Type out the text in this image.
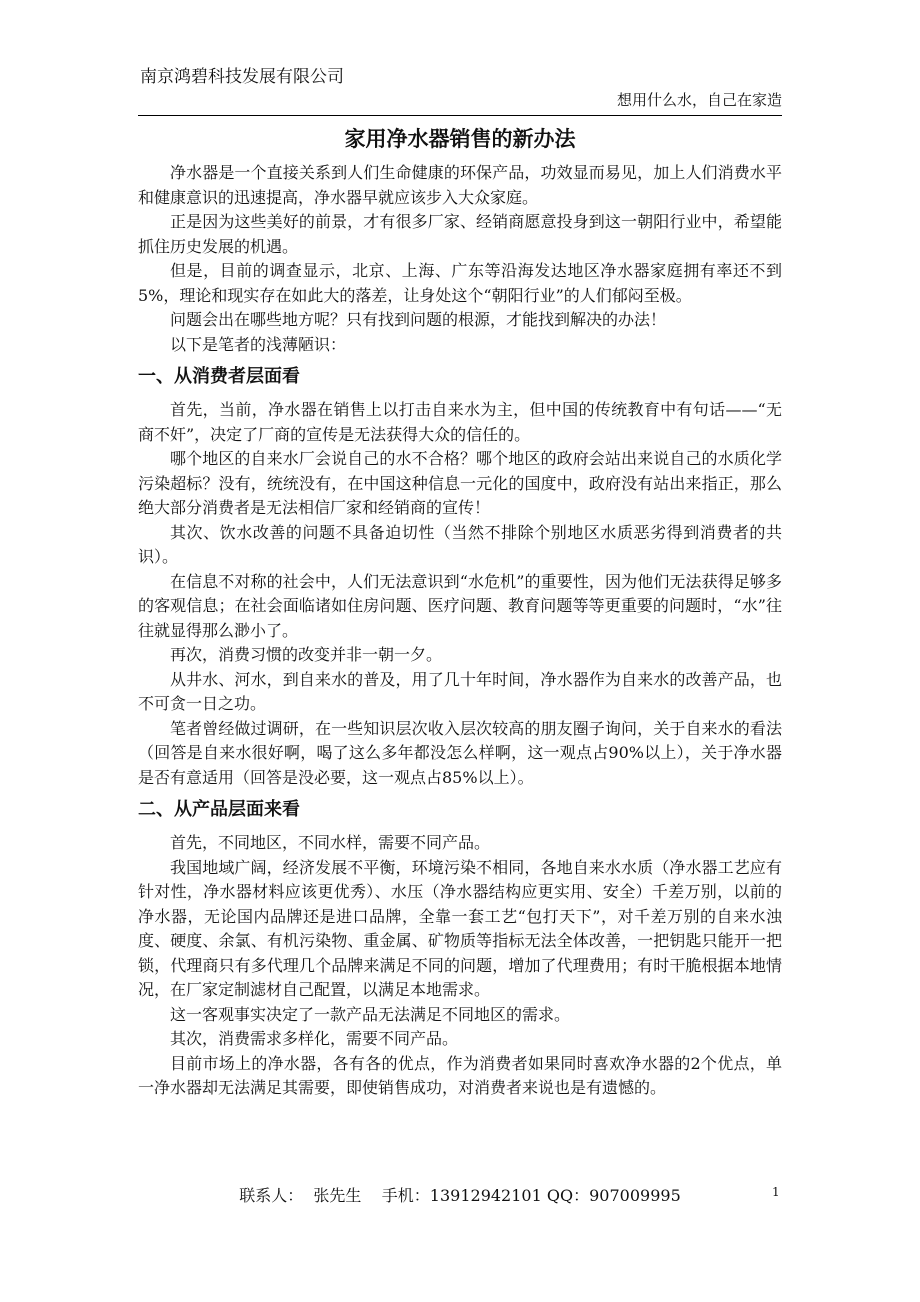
南京鸿碧科技发展有限公司
想用什么水，自己在家造
家用净水器销售的新办法

净水器是一个直接关系到人们生命健康的环保产品，功效显而易见，加上人们消费水平和健康意识的迅速提高，净水器早就应该步入大众家庭。

正是因为这些美好的前景，才有很多厂家、经销商愿意投身到这一朝阳行业中，希望能抓住历史发展的机遇。

但是，目前的调查显示，北京、上海、广东等沿海发达地区净水器家庭拥有率还不到5%，理论和现实存在如此大的落差，让身处这个“朝阳行业”的人们郁闷至极。

问题会出在哪些地方呢？只有找到问题的根源，才能找到解决的办法！

以下是笔者的浅薄陋识：

一、从消费者层面看

首先，当前，净水器在销售上以打击自来水为主，但中国的传统教育中有句话——“无商不奸”，决定了厂商的宣传是无法获得大众的信任的。

哪个地区的自来水厂会说自己的水不合格？哪个地区的政府会站出来说自己的水质化学污染超标？没有，统统没有，在中国这种信息一元化的国度中，政府没有站出来指正，那么绝大部分消费者是无法相信厂家和经销商的宣传！

其次、饮水改善的问题不具备迫切性（当然不排除个别地区水质恶劣得到消费者的共识）。

在信息不对称的社会中，人们无法意识到“水危机”的重要性，因为他们无法获得足够多的客观信息；在社会面临诸如住房问题、医疗问题、教育问题等等更重要的问题时，“水”往往就显得那么渺小了。

再次，消费习惯的改变并非一朝一夕。

从井水、河水，到自来水的普及，用了几十年时间，净水器作为自来水的改善产品，也不可贪一日之功。

笔者曾经做过调研，在一些知识层次收入层次较高的朋友圈子询问，关于自来水的看法（回答是自来水很好啊，喝了这么多年都没怎么样啊，这一观点占90%以上），关于净水器是否有意适用（回答是没必要，这一观点占85%以上）。

二、从产品层面来看

首先，不同地区，不同水样，需要不同产品。

我国地域广阔，经济发展不平衡，环境污染不相同，各地自来水水质（净水器工艺应有针对性，净水器材料应该更优秀）、水压（净水器结构应更实用、安全）千差万别，以前的净水器，无论国内品牌还是进口品牌，全靠一套工艺“包打天下”，对千差万别的自来水浊度、硬度、余氯、有机污染物、重金属、矿物质等指标无法全体改善，一把钥匙只能开一把锁，代理商只有多代理几个品牌来满足不同的问题，增加了代理费用；有时干脆根据本地情况，在厂家定制滤材自己配置，以满足本地需求。

这一客观事实决定了一款产品无法满足不同地区的需求。

其次，消费需求多样化，需要不同产品。

目前市场上的净水器，各有各的优点，作为消费者如果同时喜欢净水器的2个优点，单一净水器却无法满足其需要，即使销售成功，对消费者来说也是有遗憾的。

联系人： 张先生 手机：13912942101 QQ：907009995	1
